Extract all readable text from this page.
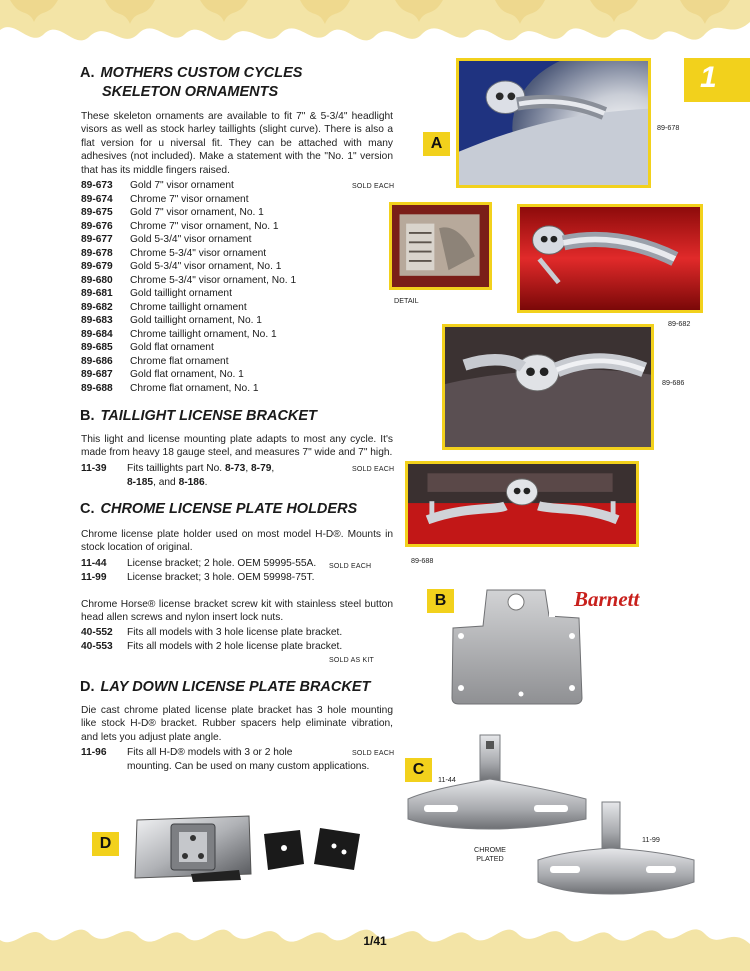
1
A. MOTHERS CUSTOM CYCLES
SKELETON ORNAMENTS
These skeleton ornaments are available to fit 7" & 5-3/4" headlight visors as well as stock harley taillights (slight curve). There is also a flat version for u niversal fit. They can be attached with many adhesives (not included). Make a statement with the "No. 1" version that has its middle fingers raised.
89-673 Gold 7" visor ornament
89-674 Chrome 7" visor ornament
89-675 Gold 7" visor ornament, No. 1
89-676 Chrome 7" visor ornament, No. 1
89-677 Gold 5-3/4" visor ornament
89-678 Chrome 5-3/4" visor ornament
89-679 Gold 5-3/4" visor ornament, No. 1
89-680 Chrome 5-3/4" visor ornament, No. 1
89-681 Gold taillight ornament
89-682 Chrome taillight ornament
89-683 Gold taillight ornament, No. 1
89-684 Chrome taillight ornament, No. 1
89-685 Gold flat ornament
89-686 Chrome flat ornament
89-687 Gold flat ornament, No. 1
89-688 Chrome flat ornament, No. 1
SOLD EACH
B. TAILLIGHT LICENSE BRACKET
This light and license mounting plate adapts to most any cycle. It's made from heavy 18 gauge steel, and measures 7" wide and 7" high.
11-39 Fits taillights part No. 8-73, 8-79,
8-185, and 8-186.
SOLD EACH
C. CHROME LICENSE PLATE HOLDERS
Chrome license plate holder used on most model H-D®. Mounts in stock location of original.
11-44 License bracket; 2 hole. OEM 59995-55A.
11-99 License bracket; 3 hole. OEM 59998-75T.
SOLD EACH
Chrome Horse® license bracket screw kit with stainless steel button head allen screws and nylon insert lock nuts.
40-552 Fits all models with 3 hole license plate bracket.
40-553 Fits all models with 2 hole license plate bracket.
SOLD AS KIT
D. LAY DOWN LICENSE PLATE BRACKET
Die cast chrome plated license plate bracket has 3 hole mounting like stock H-D® bracket. Rubber spacers help eliminate vibration, and lets you adjust plate angle.
11-96 Fits all H-D® models with 3 or 2 hole
mounting. Can be used on many custom applications.
SOLD EACH
A
89-678
DETAIL
89-682
89-686
89-688
B	Barnett
C
11-44
CHROME
PLATED
11-99
D
1/41
